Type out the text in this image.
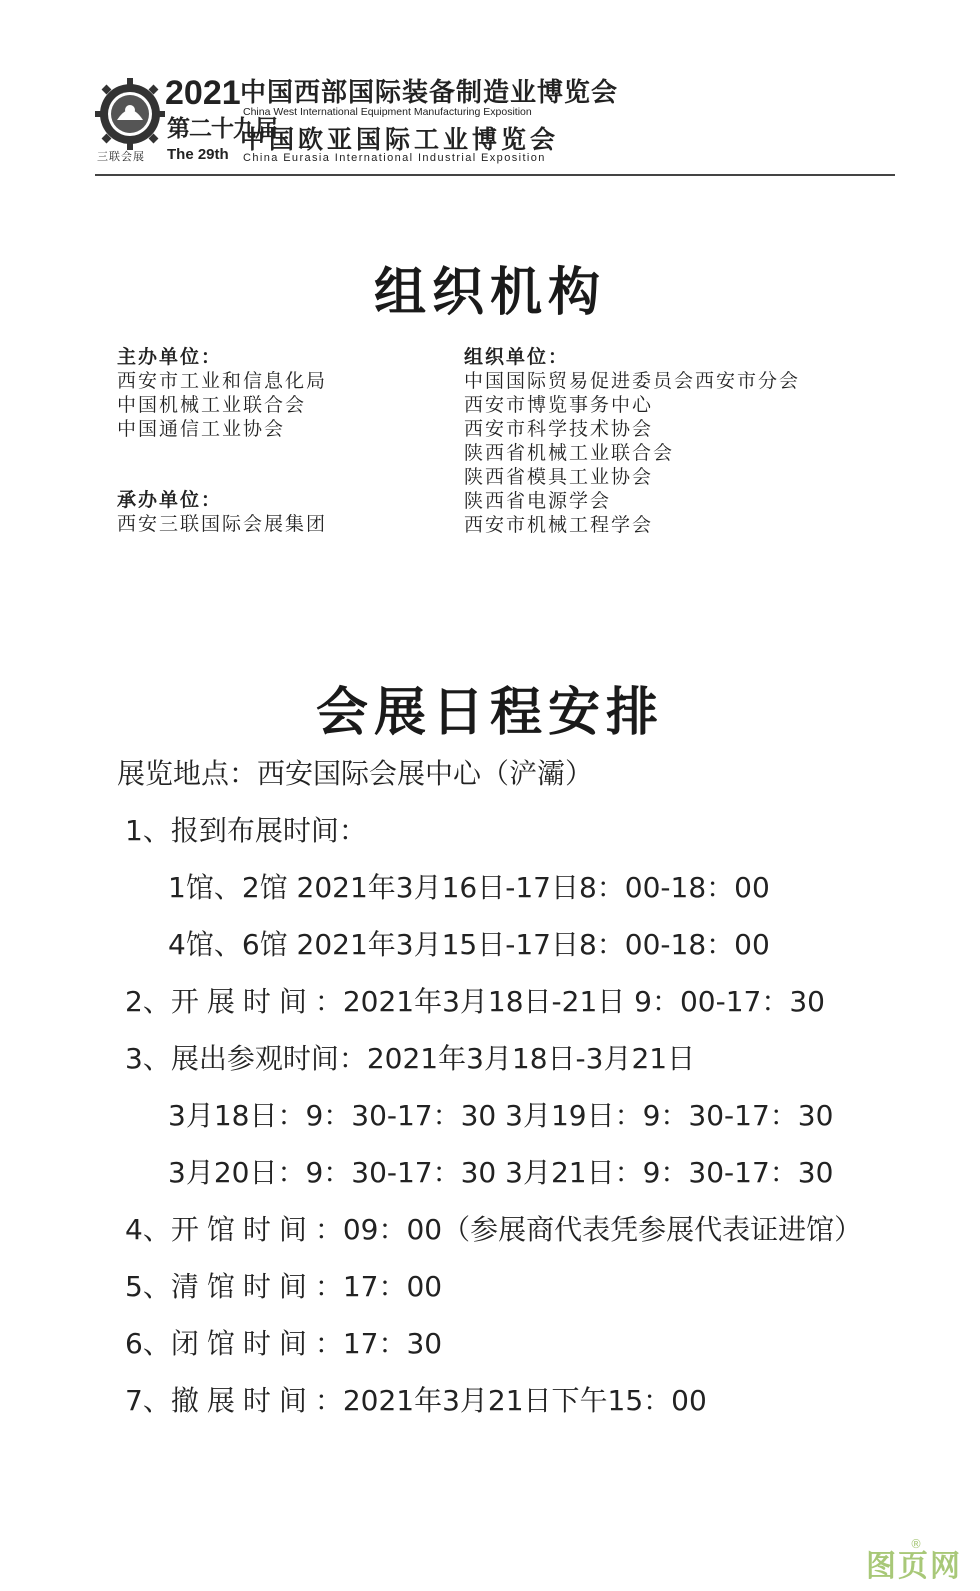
三联会展
2021
第二十九届
The 29th
中国西部国际装备制造业博览会
China West International Equipment Manufacturing Exposition
中国欧亚国际工业博览会
China Eurasia International Industrial Exposition
组织机构
主办单位：
西安市工业和信息化局
中国机械工业联合会
中国通信工业协会
承办单位：
西安三联国际会展集团
组织单位：
中国国际贸易促进委员会西安市分会
西安市博览事务中心
西安市科学技术协会
陕西省机械工业联合会
陕西省模具工业协会
陕西省电源学会
西安市机械工程学会
会展日程安排
展览地点：西安国际会展中心（浐灞）
1、报到布展时间：
1馆、2馆 2021年3月16日-17日8：00-18：00
4馆、6馆 2021年3月15日-17日8：00-18：00
2、开展时间：2021年3月18日-21日 9：00-17：30
3、展出参观时间：2021年3月18日-3月21日
3月18日：9：30-17：30 3月19日：9：30-17：30
3月20日：9：30-17：30 3月21日：9：30-17：30
4、开馆时间：09：00（参展商代表凭参展代表证进馆）
5、清馆时间：17：00
6、闭馆时间：17：30
7、撤展时间：2021年3月21日下午15：00
®
图页网
